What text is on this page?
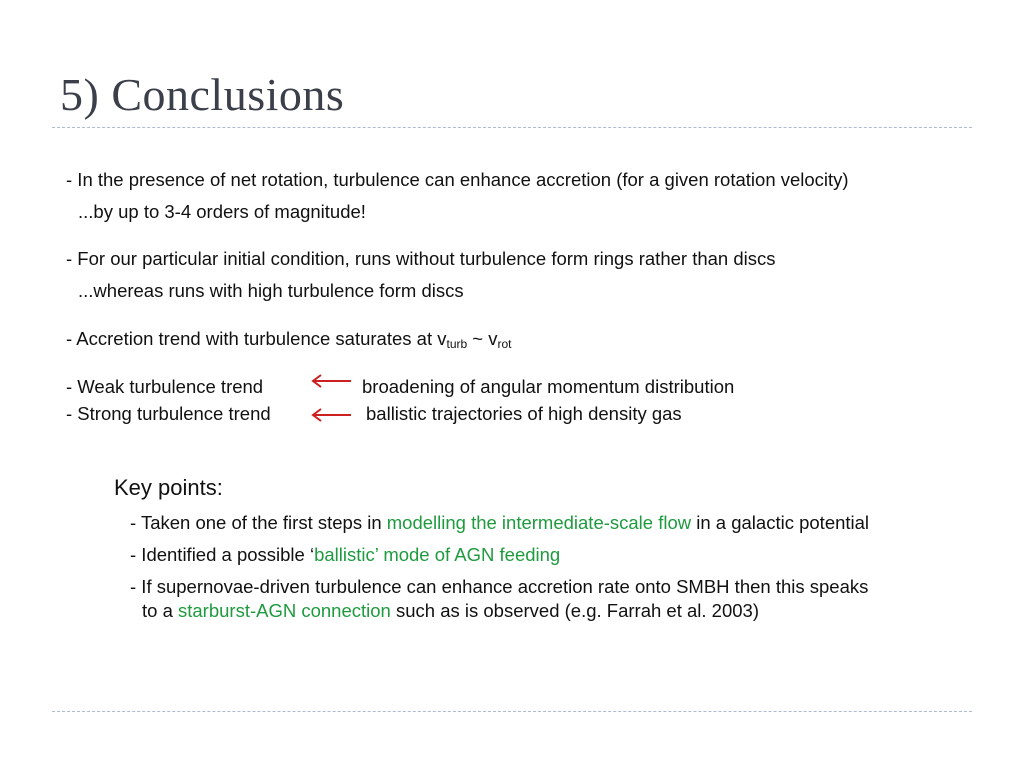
5) Conclusions
- In the presence of net rotation, turbulence can enhance accretion (for a given rotation velocity)
...by up to 3-4 orders of magnitude!
- For our particular initial condition, runs without turbulence form rings rather than discs
...whereas runs with high turbulence form discs
- Accretion trend with turbulence saturates at $v_{turb}$ ~ $v_{rot}$
- Weak turbulence trend	broadening of angular momentum distribution
- Strong turbulence trend	ballistic trajectories of high density gas
Key points:
- Taken one of the first steps in modelling the intermediate-scale flow in a galactic potential
- Identified a possible ‘ballistic’ mode of AGN feeding
- If supernovae-driven turbulence can enhance accretion rate onto SMBH then this speaks
to a starburst-AGN connection such as is observed (e.g. Farrah et al. 2003)
